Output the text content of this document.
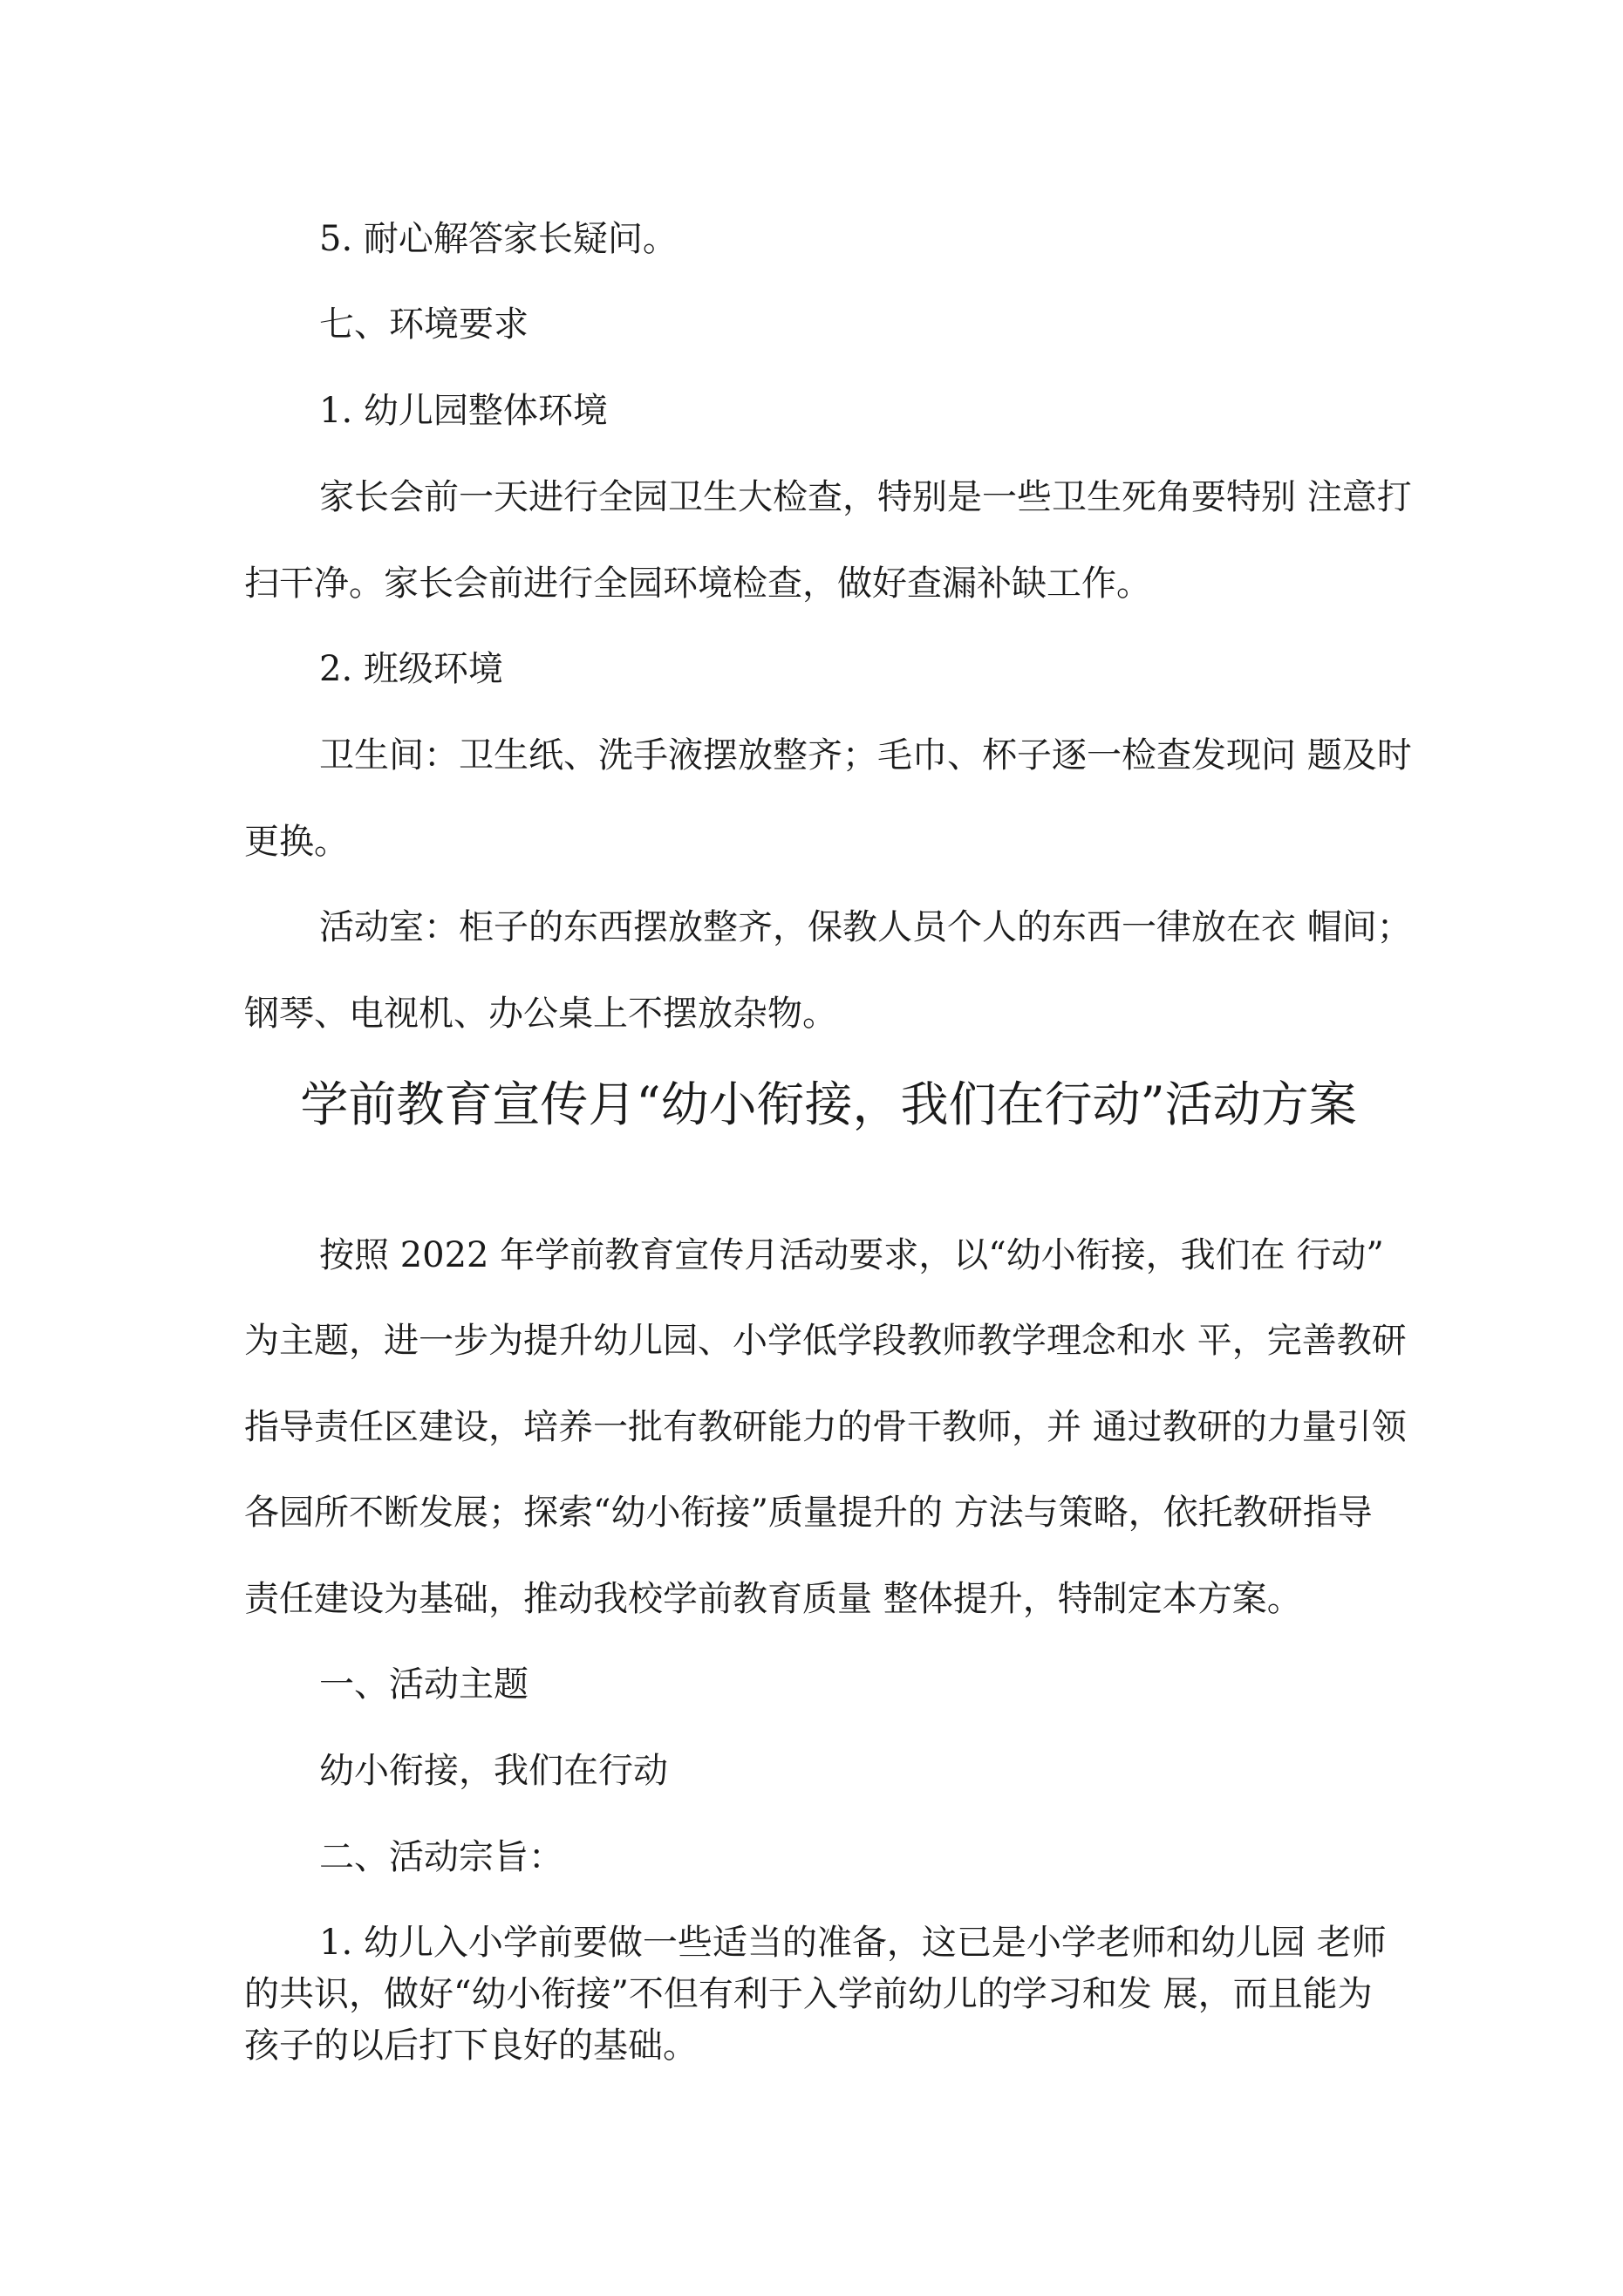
5. 耐心解答家长疑问。

七、环境要求

1. 幼儿园整体环境

家长会前一天进行全园卫生大检查，特别是一些卫生死角要特别 注意打

扫干净。家长会前进行全园环境检查，做好查漏补缺工作。

2. 班级环境

卫生间：卫生纸、洗手液摆放整齐；毛巾、杯子逐一检查发现问 题及时

更换。

活动室：柜子的东西摆放整齐，保教人员个人的东西一律放在衣 帽间；

钢琴、电视机、办公桌上不摆放杂物。

学前教育宣传月“幼小衔接，我们在行动”活动方案

按照 2022 年学前教育宣传月活动要求，以“幼小衔接，我们在 行动”

为主题，进一步为提升幼儿园、小学低学段教师教学理念和水 平，完善教研

指导责任区建设，培养一批有教研能力的骨干教师，并 通过教研的力量引领

各园所不断发展；探索“幼小衔接”质量提升的 方法与策略，依托教研指导

责任建设为基础，推动我校学前教育质量 整体提升，特制定本方案。

一、活动主题

幼小衔接，我们在行动

二、活动宗旨：

1. 幼儿入小学前要做一些适当的准备，这已是小学老师和幼儿园 老师

的共识，做好“幼小衔接”不但有利于入学前幼儿的学习和发 展，而且能为

孩子的以后打下良好的基础。
